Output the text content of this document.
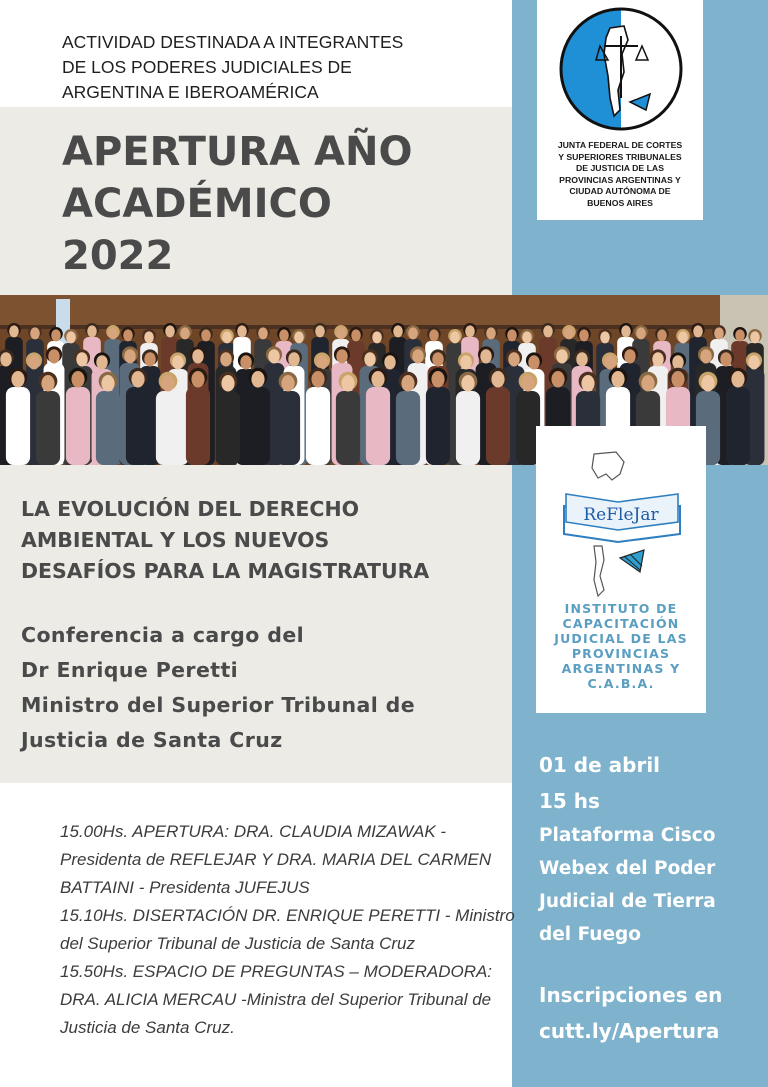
ACTIVIDAD DESTINADA A INTEGRANTES
DE LOS PODERES JUDICIALES DE
ARGENTINA E IBEROAMÉRICA
APERTURA AÑO
ACADÉMICO
2022
JUNTA FEDERAL DE CORTES
Y SUPERIORES TRIBUNALES
DE JUSTICIA DE LAS
PROVINCIAS ARGENTINAS Y
CIUDAD AUTÓNOMA DE
BUENOS AIRES
LA EVOLUCIÓN DEL DERECHO
AMBIENTAL Y LOS NUEVOS
DESAFÍOS PARA LA MAGISTRATURA
Conferencia a cargo del
Dr Enrique Peretti
Ministro del Superior Tribunal de
Justicia de Santa Cruz
ReFleJar
INSTITUTO DE
CAPACITACIÓN
JUDICIAL DE LAS
PROVINCIAS
ARGENTINAS Y
C.A.B.A.
01 de abril
15 hs
Plataforma Cisco
Webex del Poder
Judicial de Tierra
del Fuego
Inscripciones en
cutt.ly/Apertura

15.00Hs. APERTURA: DRA. CLAUDIA MIZAWAK - Presidenta de REFLEJAR Y DRA. MARIA DEL CARMEN BATTAINI - Presidenta JUFEJUS

15.10Hs. DISERTACIÓN DR. ENRIQUE PERETTI - Ministro del Superior Tribunal de Justicia de Santa Cruz

15.50Hs. ESPACIO DE PREGUNTAS – MODERADORA: DRA. ALICIA MERCAU -Ministra del Superior Tribunal de Justicia de Santa Cruz.
